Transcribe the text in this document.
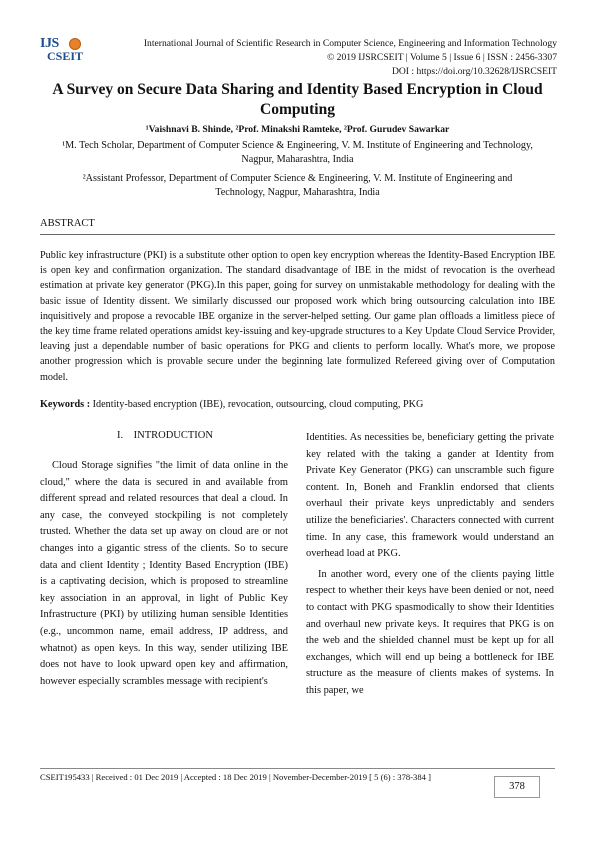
IJS
CSEIT
International Journal of Scientific Research in Computer Science, Engineering and Information Technology
© 2019 IJSRCSEIT | Volume 5 | Issue 6 | ISSN : 2456-3307
DOI : https://doi.org/10.32628/IJSRCSEIT
A Survey on Secure Data Sharing and Identity Based Encryption in Cloud Computing
¹Vaishnavi B. Shinde, ²Prof. Minakshi Ramteke, ²Prof. Gurudev Sawarkar
¹M. Tech Scholar, Department of Computer Science & Engineering, V. M. Institute of Engineering and Technology, Nagpur, Maharashtra, India
²Assistant Professor, Department of Computer Science & Engineering, V. M. Institute of Engineering and Technology, Nagpur, Maharashtra, India
ABSTRACT
Public key infrastructure (PKI) is a substitute other option to open key encryption whereas the Identity-Based Encryption IBE is open key and confirmation organization. The standard disadvantage of IBE in the midst of revocation is the overhead estimation at private key generator (PKG).In this paper, going for survey on unmistakable methodology for dealing with the basic issue of Identity dissent. We similarly discussed our proposed work which bring outsourcing calculation into IBE inquisitively and propose a revocable IBE organize in the server-helped setting. Our game plan offloads a limitless piece of the key time frame related operations amidst key-issuing and key-upgrade structures to a Key Update Cloud Service Provider, leaving just a dependable number of basic operations for PKG and clients to perform locally. What's more, we propose another progression which is provable secure under the beginning late formulized Refereed giving over of Computation model.
Keywords : Identity-based encryption (IBE), revocation, outsourcing, cloud computing, PKG
I.    INTRODUCTION

Cloud Storage signifies "the limit of data online in the cloud," where the data is secured in and available from different spread and related resources that deal a cloud. In any case, the conveyed stockpiling is not completely trusted. Whether the data set up away on cloud are or not changes into a gigantic stress of the clients. So to secure data and client Identity ; Identity Based Encryption (IBE) is a captivating decision, which is proposed to streamline key association in an approval, in light of Public Key Infrastructure (PKI) by utilizing human sensible Identities (e.g., uncommon name, email address, IP address, and whatnot) as open keys. In this way, sender utilizing IBE does not have to look upward open key and affirmation, however especially scrambles message with recipient's

Identities. As necessities be, beneficiary getting the private key related with the taking a gander at Identity from Private Key Generator (PKG) can unscramble such figure content. In, Boneh and Franklin endorsed that clients overhaul their private keys unpredictably and senders utilize the beneficiaries'. Characters connected with current time. In any case, this framework would understand an overhead load at PKG.

In another word, every one of the clients paying little respect to whether their keys have been denied or not, need to contact with PKG spasmodically to show their Identities and overhaul new private keys. It requires that PKG is on the web and the shielded channel must be kept up for all exchanges, which will end up being a bottleneck for IBE structure as the measure of clients makes of systems. In this paper, we

CSEIT195433 | Received : 01 Dec 2019 | Accepted : 18 Dec 2019 | November-December-2019 [ 5 (6) : 378-384 ]
378
